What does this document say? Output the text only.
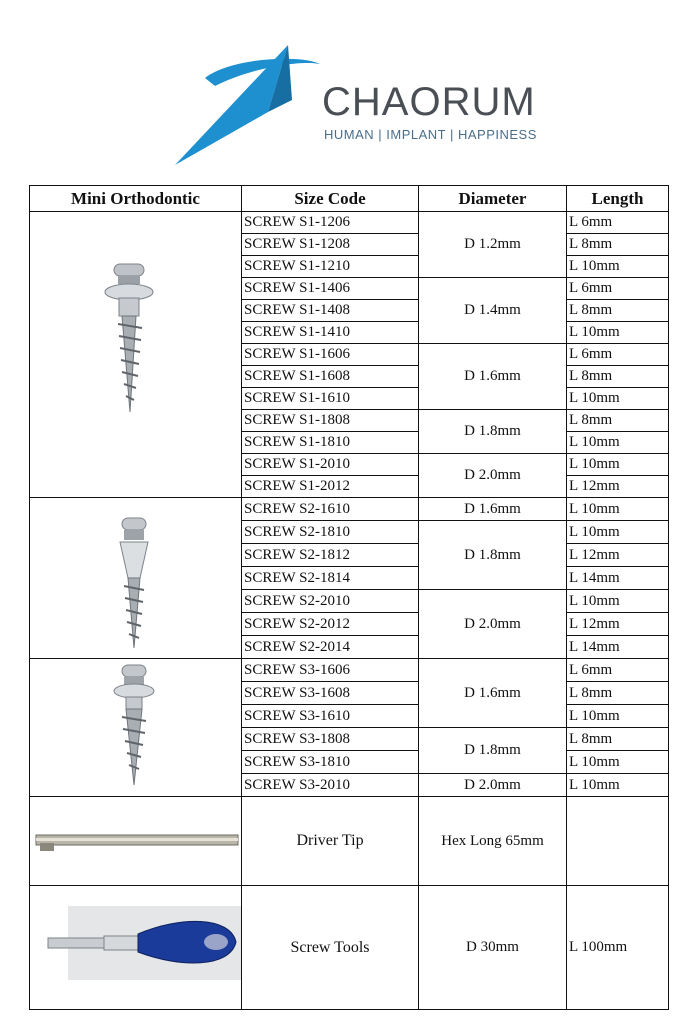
CHAORUM
HUMAN | IMPLANT | HAPPINESS
Mini Orthodontic	Size Code	Diameter	Length

	SCREW S1-1206	D 1.2mm	L 6mm
	SCREW S1-1208		L 8mm
	SCREW S1-1210		L 10mm
	SCREW S1-1406	D 1.4mm	L 6mm
	SCREW S1-1408		L 8mm
	SCREW S1-1410		L 10mm
	SCREW S1-1606	D 1.6mm	L 6mm
	SCREW S1-1608		L 8mm
	SCREW S1-1610		L 10mm
	SCREW S1-1808	D 1.8mm	L 8mm
	SCREW S1-1810		L 10mm
	SCREW S1-2010	D 2.0mm	L 10mm
	SCREW S1-2012		L 12mm

	SCREW S2-1610	D 1.6mm	L 10mm
	SCREW S2-1810	D 1.8mm	L 10mm
	SCREW S2-1812		L 12mm
	SCREW S2-1814		L 14mm
	SCREW S2-2010	D 2.0mm	L 10mm
	SCREW S2-2012		L 12mm
	SCREW S2-2014		L 14mm

	SCREW S3-1606	D 1.6mm	L 6mm
	SCREW S3-1608		L 8mm
	SCREW S3-1610		L 10mm
	SCREW S3-1808	D 1.8mm	L 8mm
	SCREW S3-1810		L 10mm
	SCREW S3-2010	D 2.0mm	L 10mm

	Driver Tip	Hex Long 65mm	

	Screw Tools	D 30mm	L 100mm
